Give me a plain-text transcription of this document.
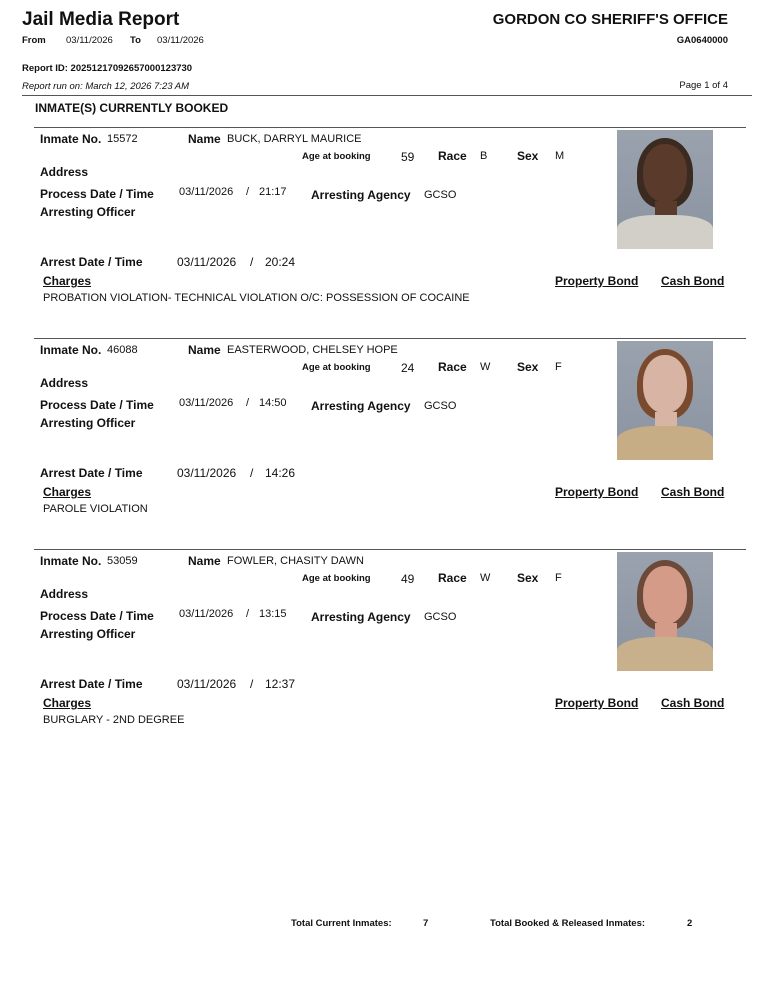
Jail Media Report	GORDON CO SHERIFF'S OFFICE
From 03/11/2026 To 03/11/2026	GA0640000
Report ID: 20251217092657000123730
Report run on: March 12, 2026 7:23 AM	Page 1 of 4
INMATE(S) CURRENTLY BOOKED
Inmate No. 15572	Name BUCK, DARRYL MAURICE
Age at booking	59 Race B Sex M
Address
Process Date / Time 03/11/2026 / 21:17 Arresting Agency GCSO
Arresting Officer
Arrest Date / Time	03/11/2026 / 20:24
Charges	Property Bond Cash Bond
PROBATION VIOLATION- TECHNICAL VIOLATION O/C: POSSESSION OF COCAINE
Inmate No. 46088	Name EASTERWOOD, CHELSEY HOPE
Age at booking	24 Race W Sex F
Address
Process Date / Time 03/11/2026 / 14:50 Arresting Agency GCSO
Arresting Officer
Arrest Date / Time	03/11/2026 / 14:26
Charges	Property Bond Cash Bond
PAROLE VIOLATION
Inmate No. 53059	Name FOWLER, CHASITY DAWN
Age at booking	49 Race W Sex F
Address
Process Date / Time 03/11/2026 / 13:15 Arresting Agency GCSO
Arresting Officer
Arrest Date / Time	03/11/2026 / 12:37
Charges	Property Bond Cash Bond
BURGLARY - 2ND DEGREE
Total Current Inmates:	7	Total Booked & Released Inmates:	2
